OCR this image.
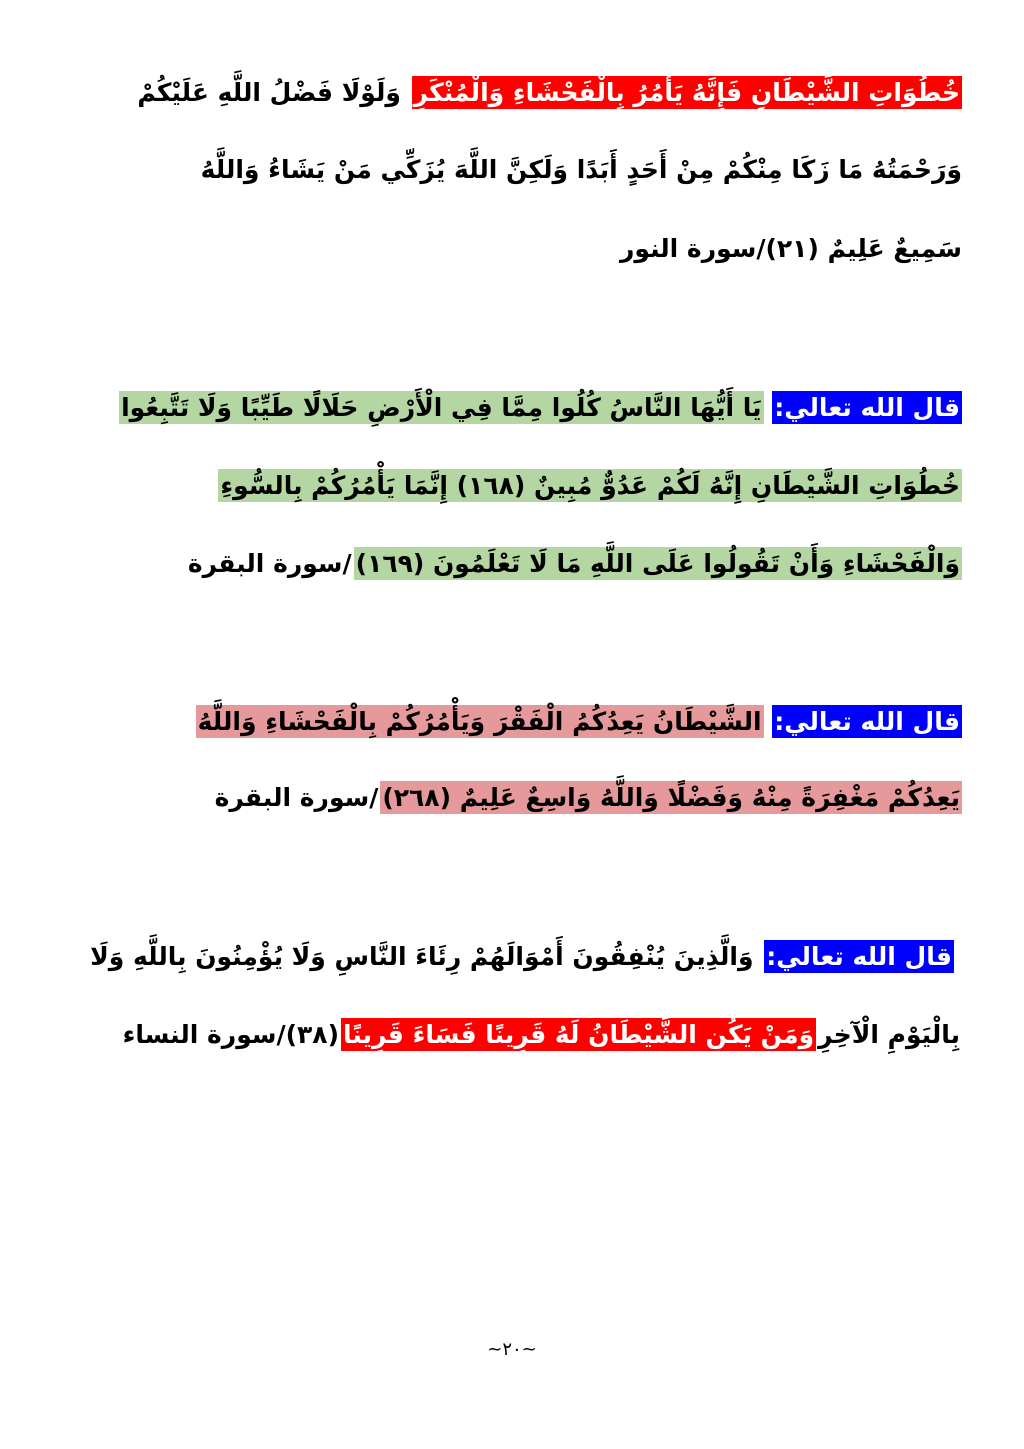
خُطُوَاتِ الشَّيْطَانِ فَإِنَّهُ يَأْمُرُ بِالْفَحْشَاءِ وَالْمُنْكَرِ وَلَوْلَا فَضْلُ اللَّهِ عَلَيْكُمْ
وَرَحْمَتُهُ مَا زَكَا مِنْكُمْ مِنْ أَحَدٍ أَبَدًا وَلَكِنَّ اللَّهَ يُزَكِّي مَنْ يَشَاءُ وَاللَّهُ
سَمِيعٌ عَلِيمٌ (٢١)/سورة النور
قال الله تعالي: يَا أَيُّهَا النَّاسُ كُلُوا مِمَّا فِي الْأَرْضِ حَلَالًا طَيِّبًا وَلَا تَتَّبِعُوا
خُطُوَاتِ الشَّيْطَانِ إِنَّهُ لَكُمْ عَدُوٌّ مُبِينٌ (١٦٨) إِنَّمَا يَأْمُرُكُمْ بِالسُّوءِ
وَالْفَحْشَاءِ وَأَنْ تَقُولُوا عَلَى اللَّهِ مَا لَا تَعْلَمُونَ (١٦٩)/سورة البقرة
قال الله تعالي: الشَّيْطَانُ يَعِدُكُمُ الْفَقْرَ وَيَأْمُرُكُمْ بِالْفَحْشَاءِ وَاللَّهُ
يَعِدُكُمْ مَغْفِرَةً مِنْهُ وَفَضْلًا وَاللَّهُ وَاسِعٌ عَلِيمٌ (٢٦٨)/سورة البقرة
قال الله تعالي: وَالَّذِينَ يُنْفِقُونَ أَمْوَالَهُمْ رِئَاءَ النَّاسِ وَلَا يُؤْمِنُونَ بِاللَّهِ وَلَا
بِالْيَوْمِ الْآخِرِوَمَنْ يَكُنِ الشَّيْطَانُ لَهُ قَرِينًا فَسَاءَ قَرِينًا(٣٨)/سورة النساء
~٢٠~
